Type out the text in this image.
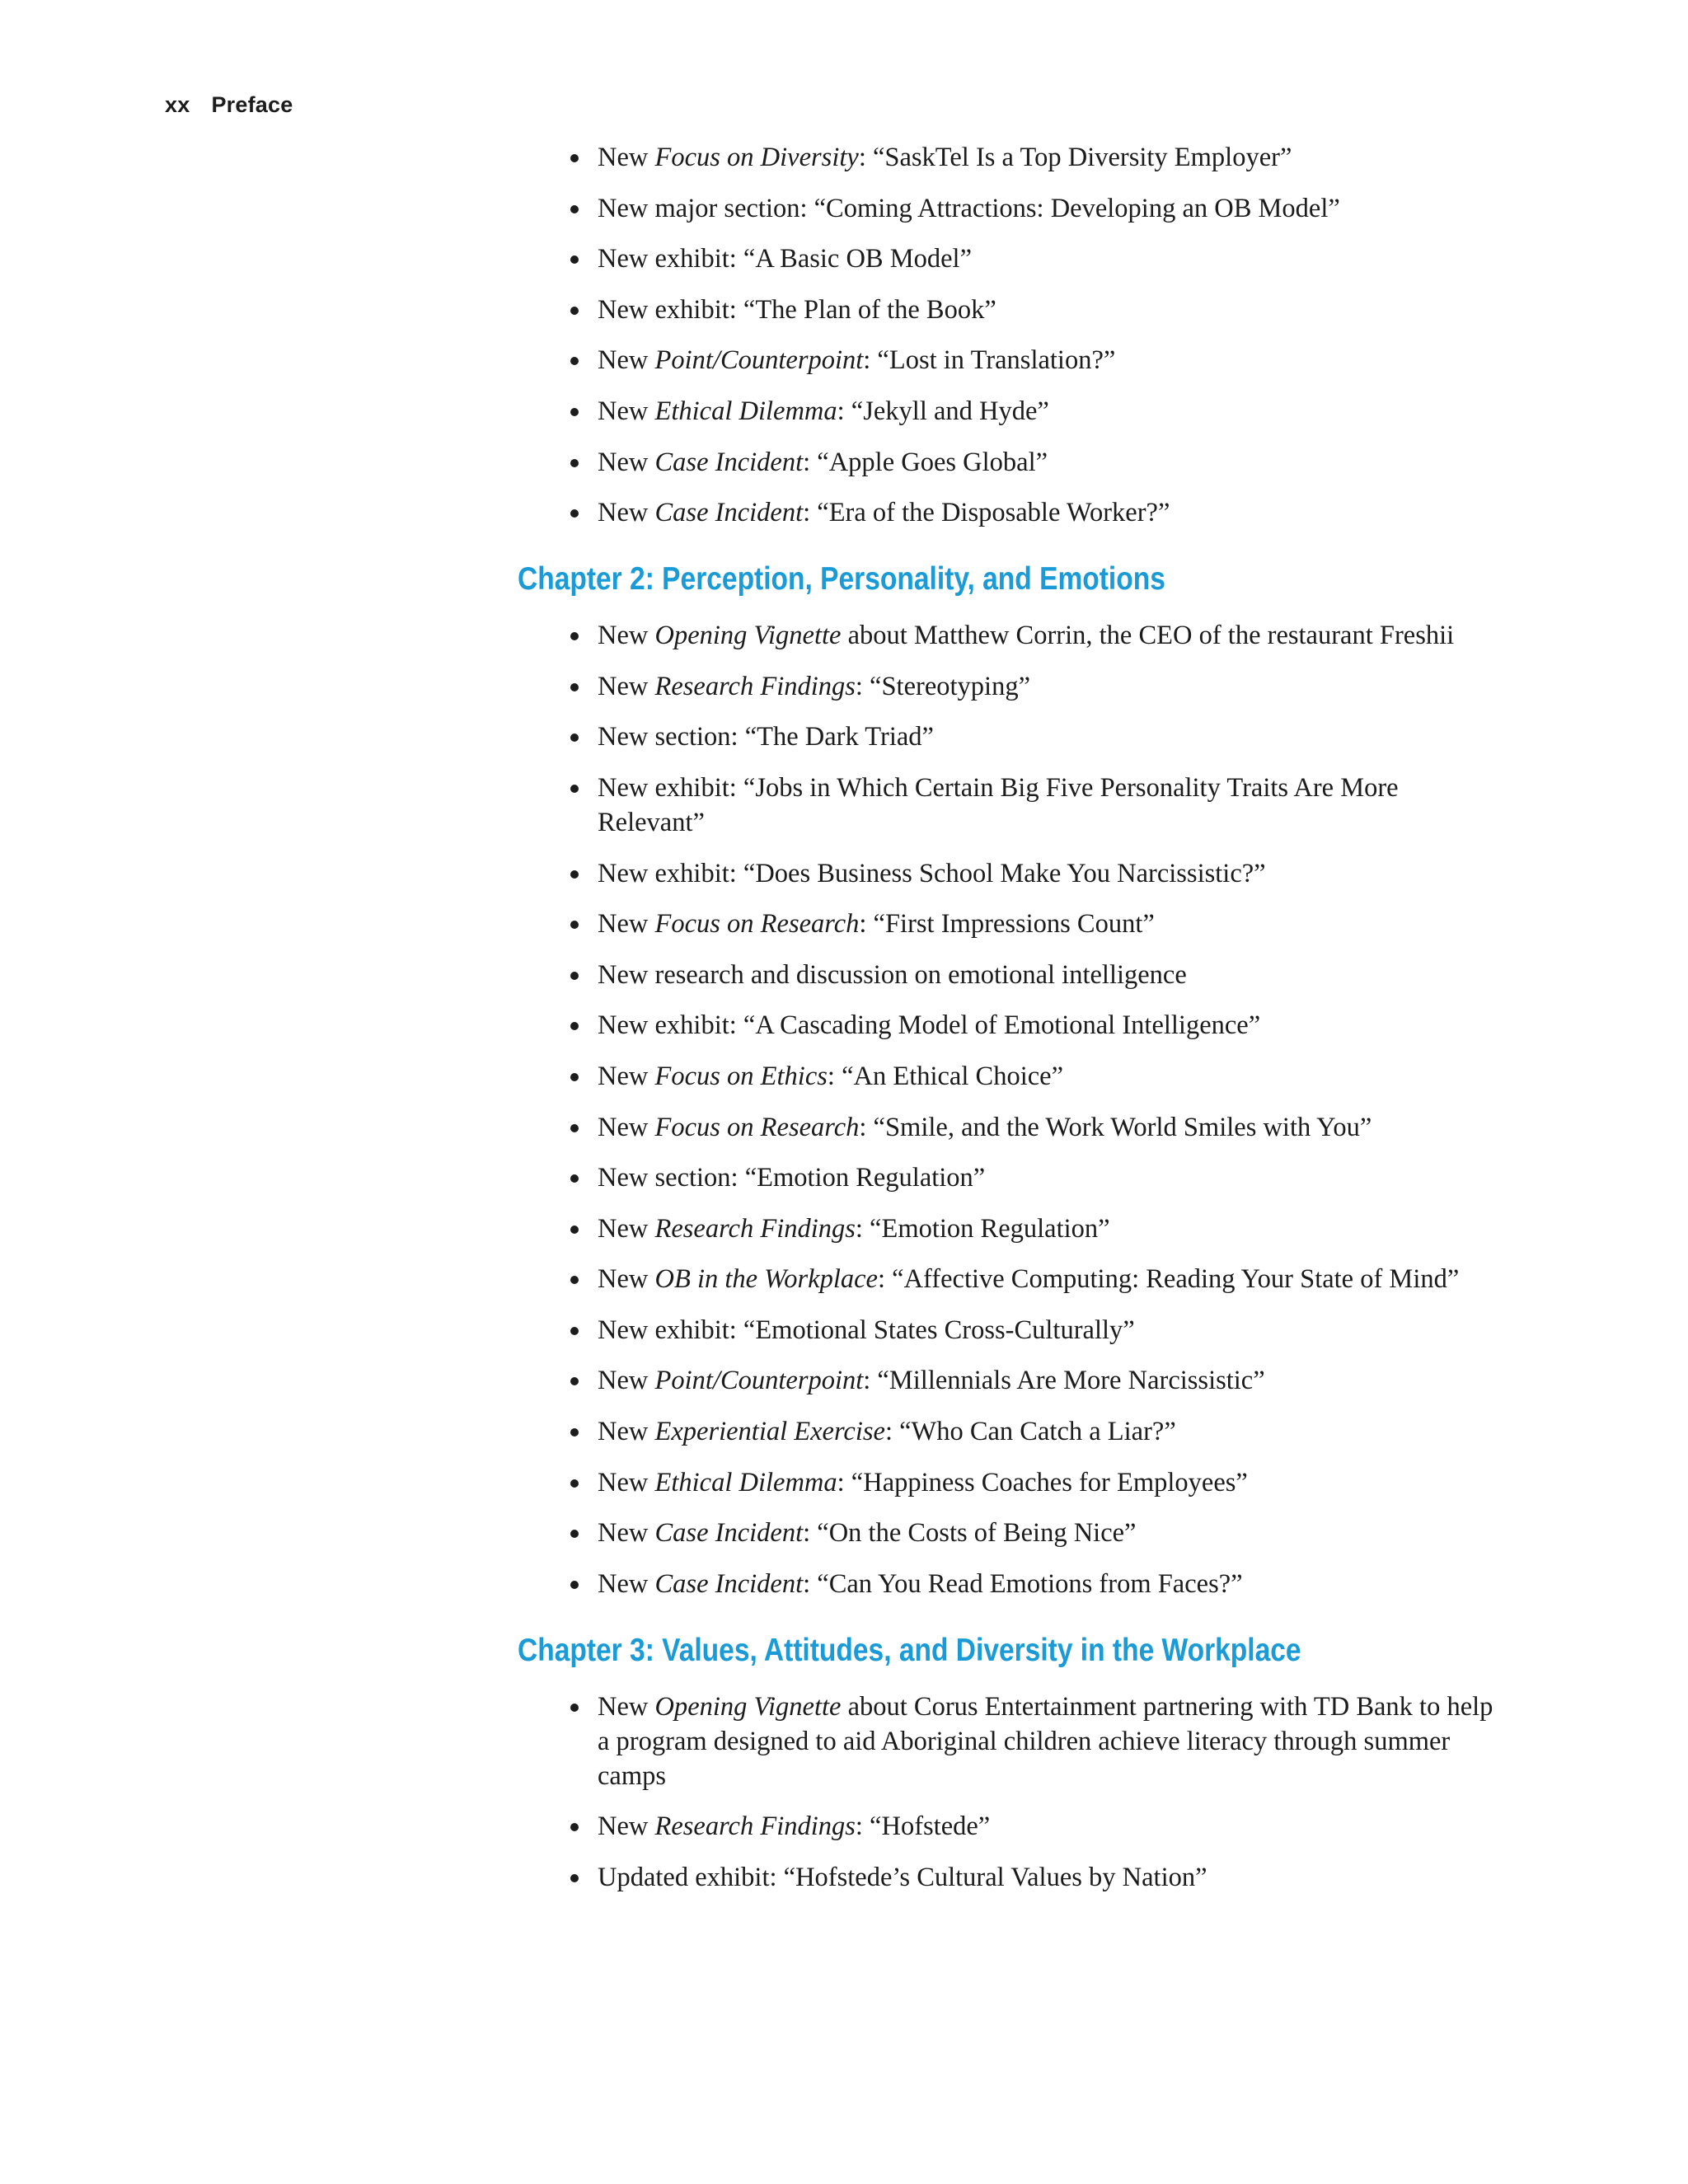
xx Preface
New Focus on Diversity: “SaskTel Is a Top Diversity Employer”
New major section: “Coming Attractions: Developing an OB Model”
New exhibit: “A Basic OB Model”
New exhibit: “The Plan of the Book”
New Point/Counterpoint: “Lost in Translation?”
New Ethical Dilemma: “Jekyll and Hyde”
New Case Incident: “Apple Goes Global”
New Case Incident: “Era of the Disposable Worker?”
Chapter 2: Perception, Personality, and Emotions
New Opening Vignette about Matthew Corrin, the CEO of the restaurant Freshii
New Research Findings: “Stereotyping”
New section: “The Dark Triad”
New exhibit: “Jobs in Which Certain Big Five Personality Traits Are More Relevant”
New exhibit: “Does Business School Make You Narcissistic?”
New Focus on Research: “First Impressions Count”
New research and discussion on emotional intelligence
New exhibit: “A Cascading Model of Emotional Intelligence”
New Focus on Ethics: “An Ethical Choice”
New Focus on Research: “Smile, and the Work World Smiles with You”
New section: “Emotion Regulation”
New Research Findings: “Emotion Regulation”
New OB in the Workplace: “Affective Computing: Reading Your State of Mind”
New exhibit: “Emotional States Cross-Culturally”
New Point/Counterpoint: “Millennials Are More Narcissistic”
New Experiential Exercise: “Who Can Catch a Liar?”
New Ethical Dilemma: “Happiness Coaches for Employees”
New Case Incident: “On the Costs of Being Nice”
New Case Incident: “Can You Read Emotions from Faces?”
Chapter 3: Values, Attitudes, and Diversity in the Workplace
New Opening Vignette about Corus Entertainment partnering with TD Bank to help a program designed to aid Aboriginal children achieve literacy through summer camps
New Research Findings: “Hofstede”
Updated exhibit: “Hofstede’s Cultural Values by Nation”
